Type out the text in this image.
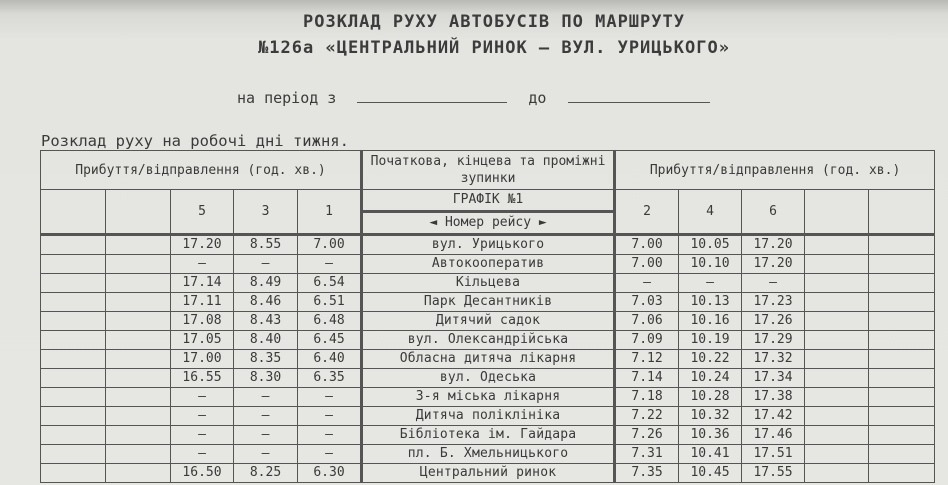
РОЗКЛАД РУХУ АВТОБУСІВ ПО МАРШРУТУ
№126а «ЦЕНТРАЛЬНИЙ РИНОК – ВУЛ. УРИЦЬКОГО»
на період з	до
Розклад руху на робочі дні тижня.
Прибуття/відправлення (год. хв.)					Початкова, кінцева та проміжні зупинки	Прибуття/відправлення (год. хв.)				
		5	3	1	ГРАФІК №1	2	4	6		
					◄ Номер рейсу ►					
		17.20	8.55	7.00	вул. Урицького	7.00	10.05	17.20		
		–	–	–	Автокооператив	7.00	10.10	17.20		
		17.14	8.49	6.54	Кільцева	–	–	–		
		17.11	8.46	6.51	Парк Десантників	7.03	10.13	17.23		
		17.08	8.43	6.48	Дитячий садок	7.06	10.16	17.26		
		17.05	8.40	6.45	вул. Олександрійська	7.09	10.19	17.29		
		17.00	8.35	6.40	Обласна дитяча лікарня	7.12	10.22	17.32		
		16.55	8.30	6.35	вул. Одеська	7.14	10.24	17.34		
		–	–	–	3-я міська лікарня	7.18	10.28	17.38		
		–	–	–	Дитяча поліклініка	7.22	10.32	17.42		
		–	–	–	Бібліотека ім. Гайдара	7.26	10.36	17.46		
		–	–	–	пл. Б. Хмельницького	7.31	10.41	17.51		
		16.50	8.25	6.30	Центральний ринок	7.35	10.45	17.55		
